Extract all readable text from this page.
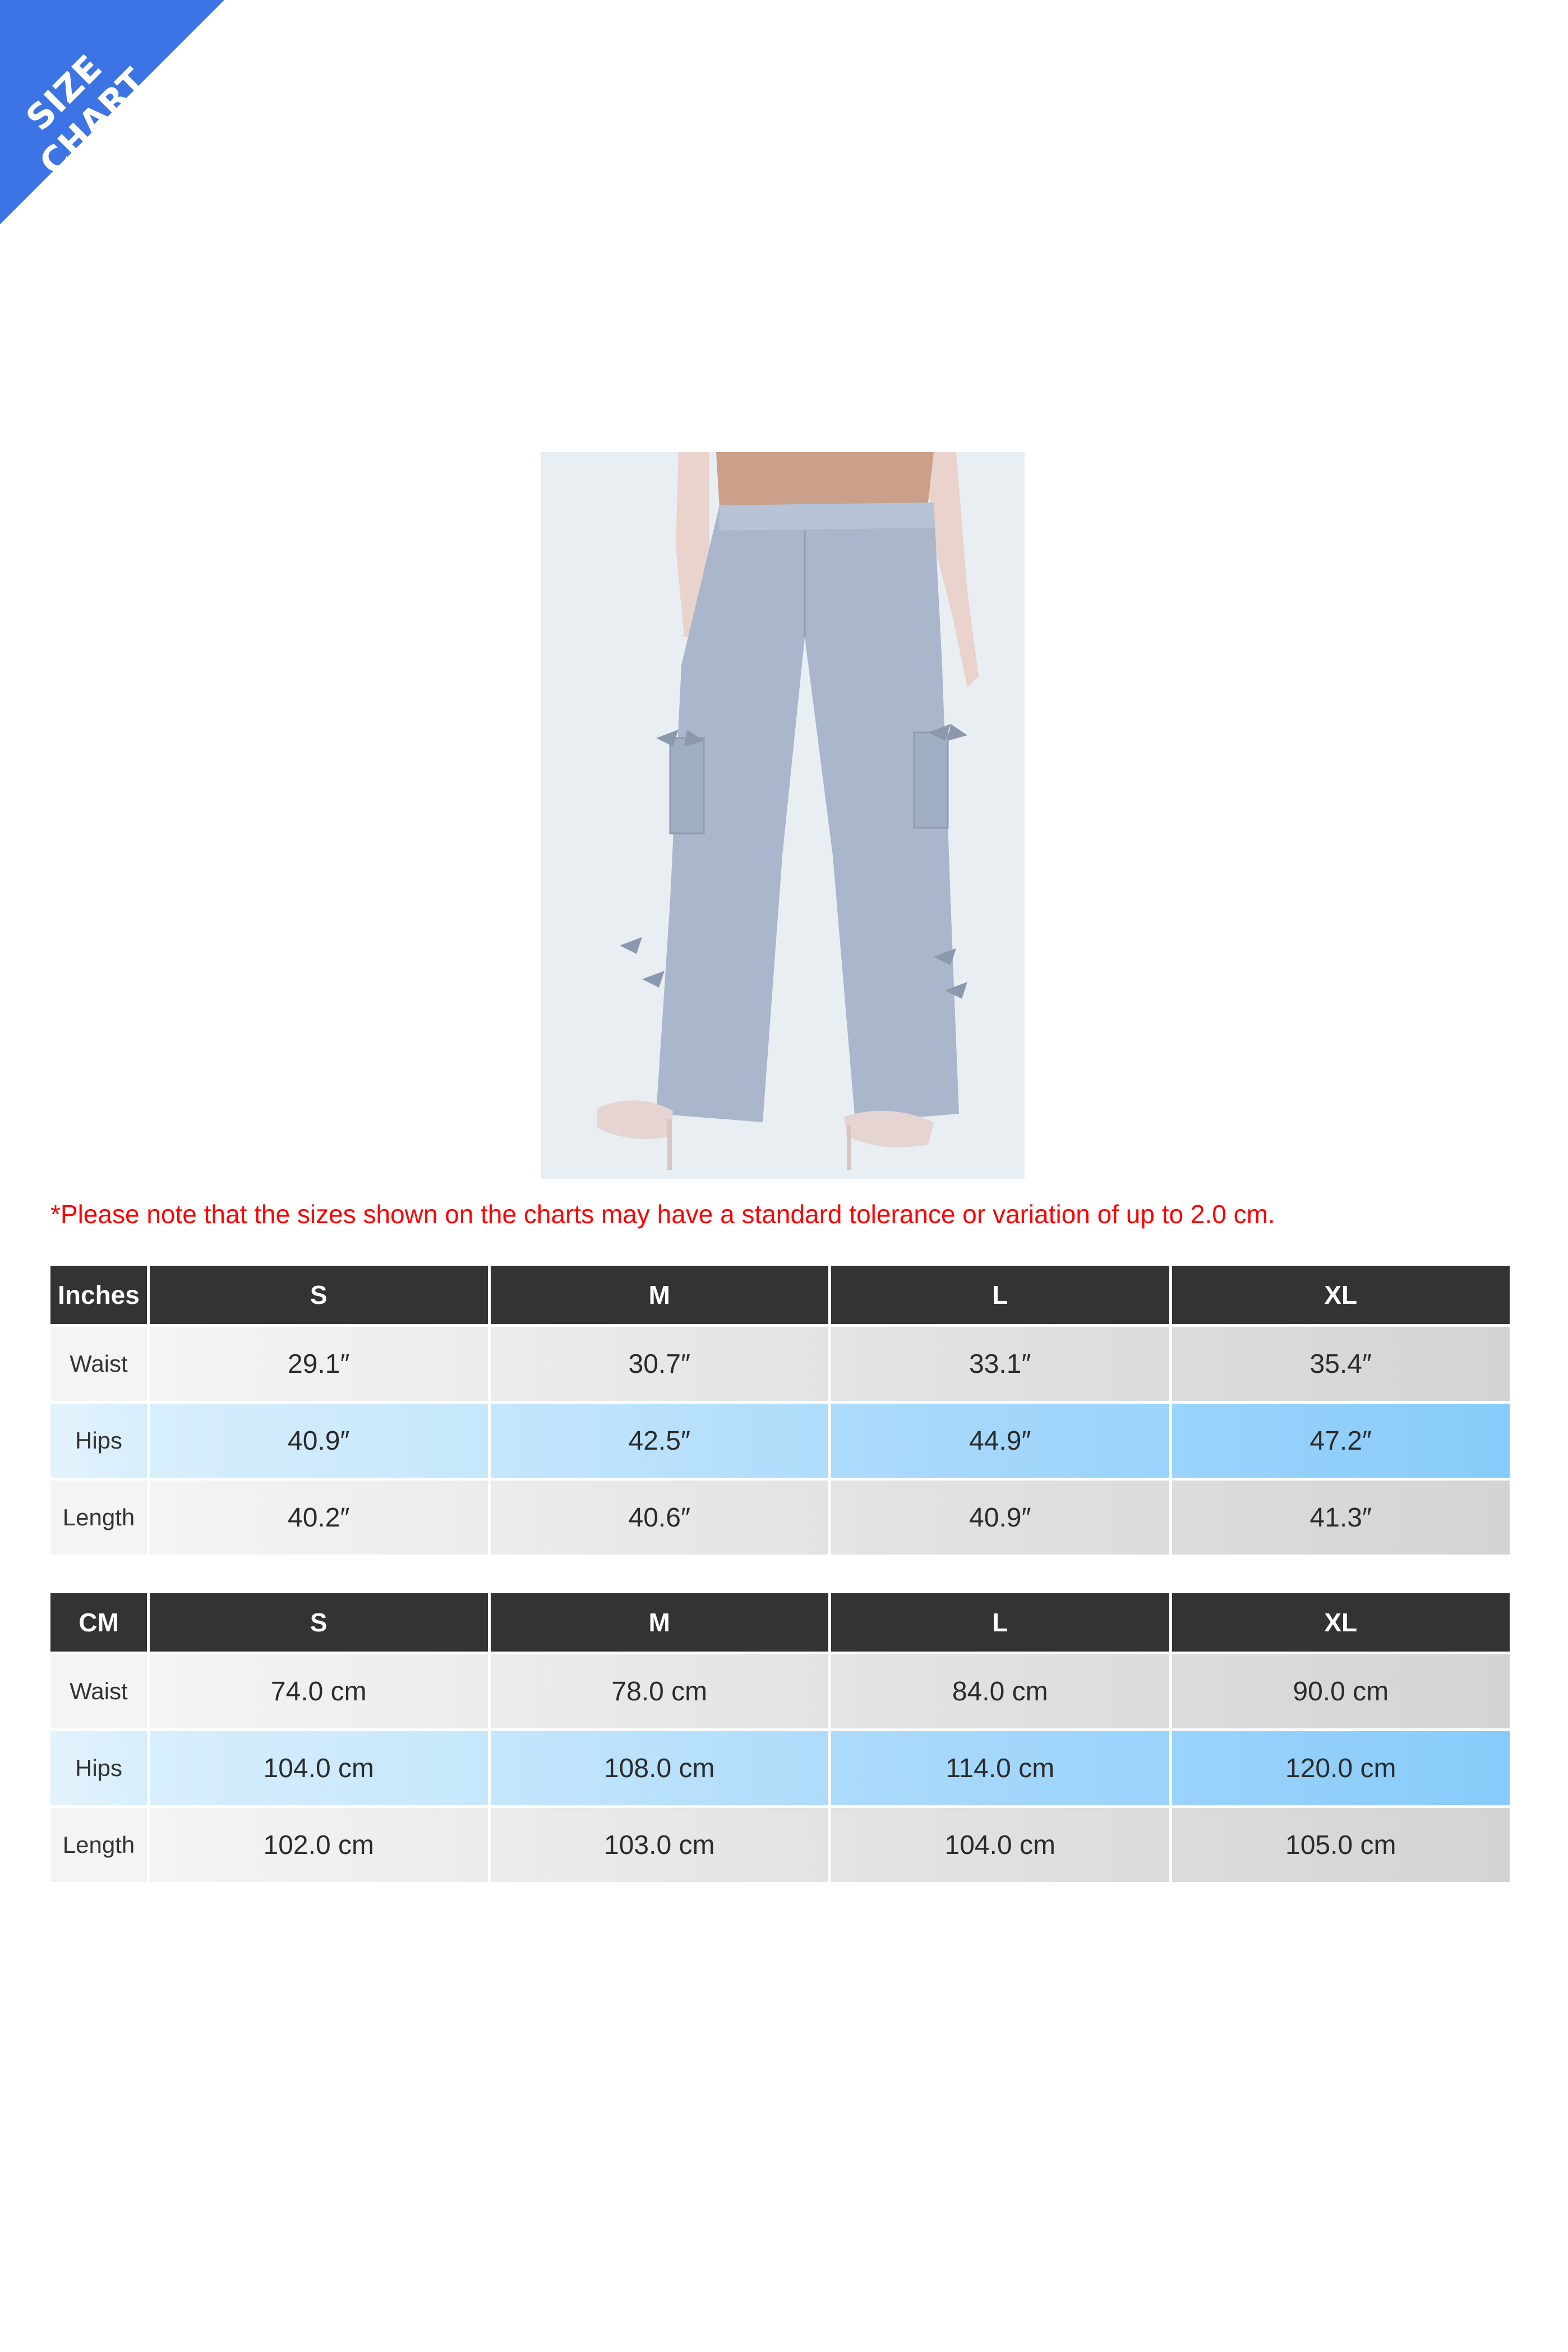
SIZE CHART
*Please note that the sizes shown on the charts may have a standard tolerance or variation of up to 2.0 cm.
Inches	S	M	L	XL
Waist	29.1″	30.7″	33.1″	35.4″
Hips	40.9″	42.5″	44.9″	47.2″
Length	40.2″	40.6″	40.9″	41.3″
CM	S	M	L	XL
Waist	74.0 cm	78.0 cm	84.0 cm	90.0 cm
Hips	104.0 cm	108.0 cm	114.0 cm	120.0 cm
Length	102.0 cm	103.0 cm	104.0 cm	105.0 cm
